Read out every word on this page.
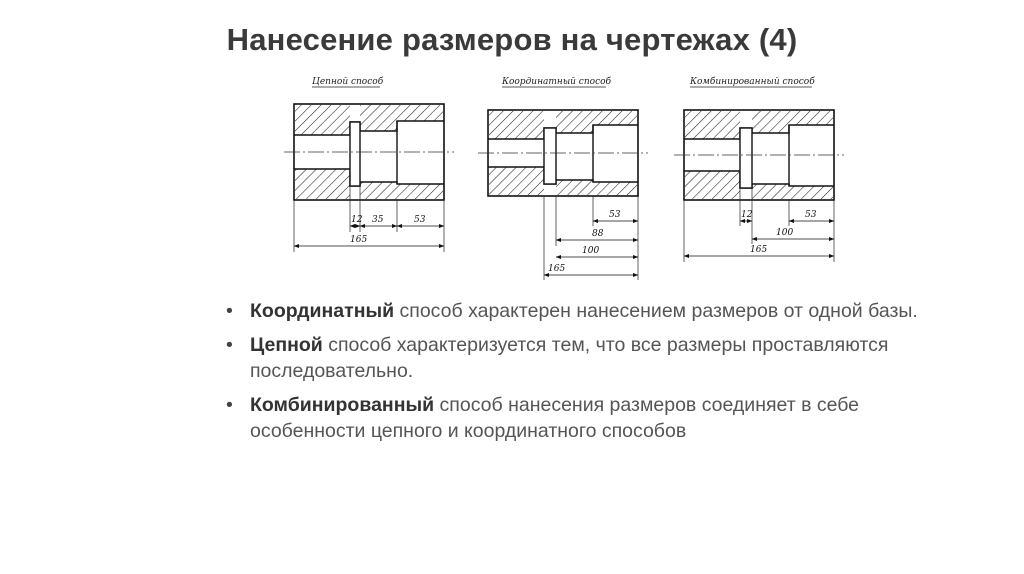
Нанесение размеров на чертежах (4)
Цепной способ
12 35	53
165
Координатный способ
53
88
100
165
Комбинированный способ
12	53
100
165
• Координатный способ характерен нанесением размеров от одной базы.
• Цепной способ характеризуется тем, что все размеры проставляются последовательно.
• Комбинированный способ нанесения размеров соединяет в себе особенности цепного и координатного способов
